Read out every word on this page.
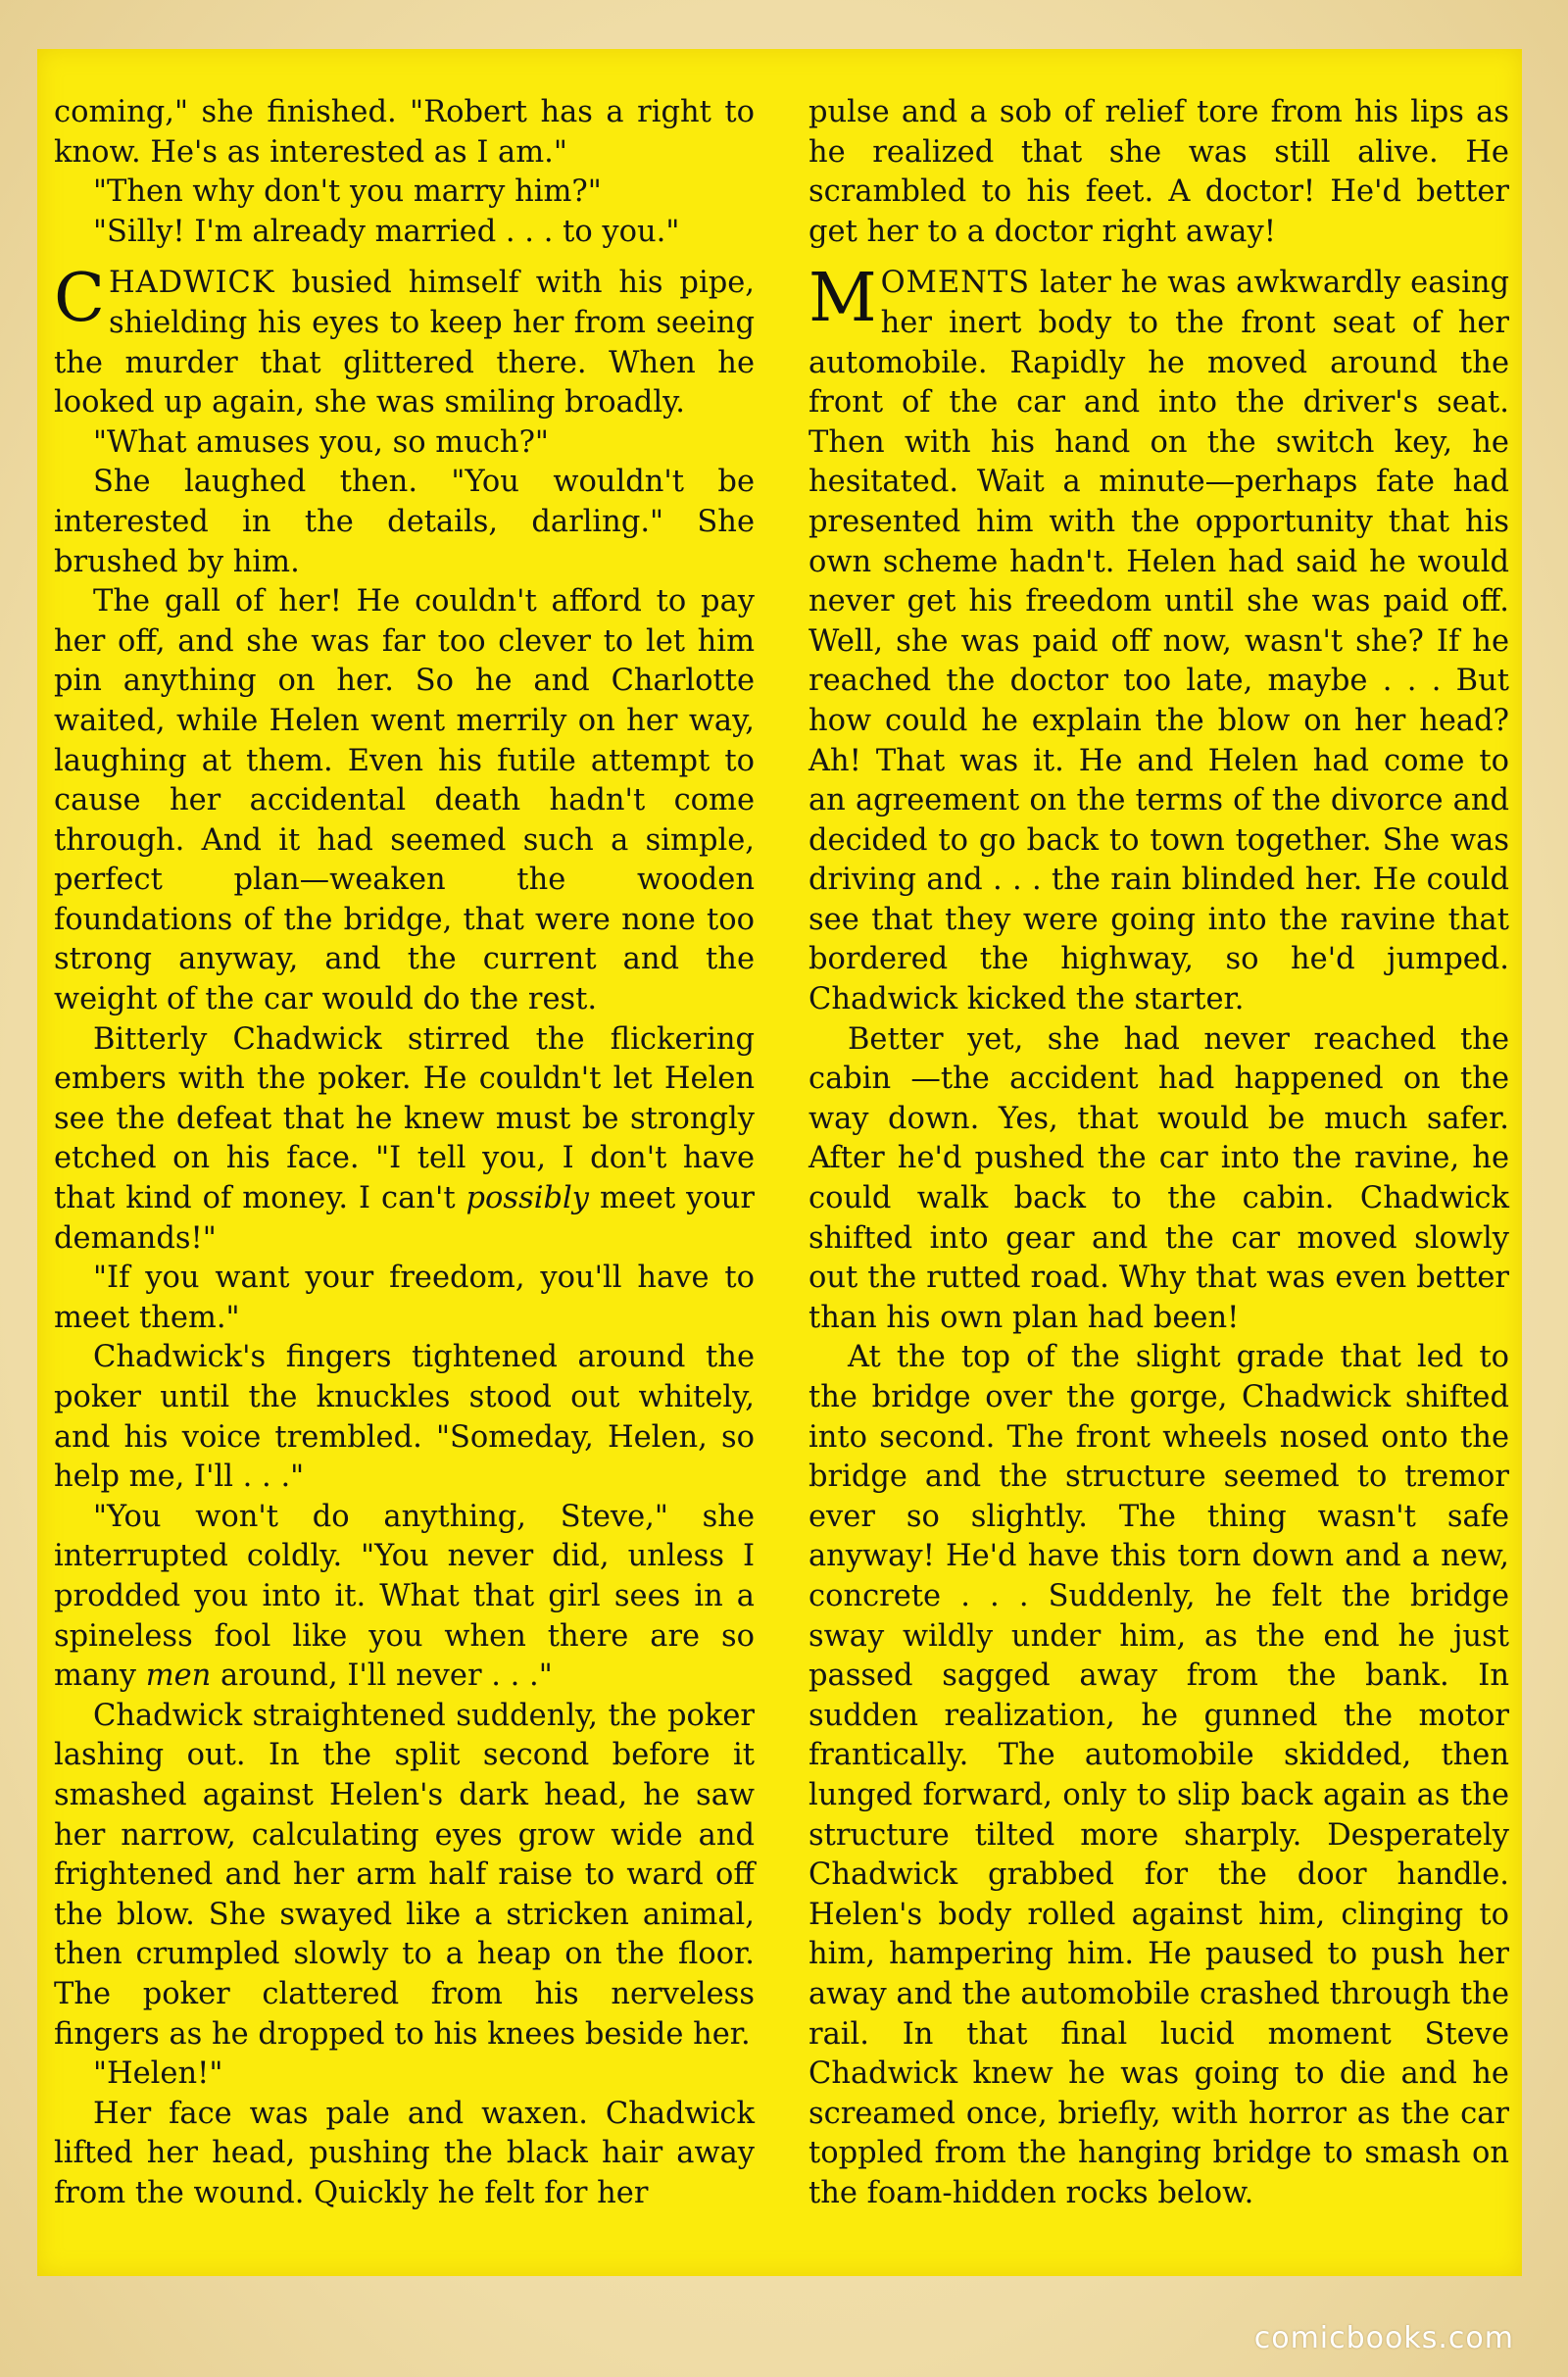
coming," she finished. "Robert has a right to know. He's as interested as I am."

"Then why don't you marry him?"

"Silly! I'm already married . . . to you."

CHADWICK busied himself with his pipe, shielding his eyes to keep her from seeing the murder that glittered there. When he looked up again, she was smiling broadly.

"What amuses you, so much?"

She laughed then. "You wouldn't be interested in the details, darling." She brushed by him.

The gall of her! He couldn't afford to pay her off, and she was far too clever to let him pin anything on her. So he and Charlotte waited, while Helen went merrily on her way, laughing at them. Even his futile attempt to cause her accidental death hadn't come through. And it had seemed such a simple, perfect plan—weaken the wooden foundations of the bridge, that were none too strong anyway, and the current and the weight of the car would do the rest.

Bitterly Chadwick stirred the flickering embers with the poker. He couldn't let Helen see the defeat that he knew must be strongly etched on his face. "I tell you, I don't have that kind of money. I can't possibly meet your demands!"

"If you want your freedom, you'll have to meet them."

Chadwick's fingers tightened around the poker until the knuckles stood out whitely, and his voice trembled. "Someday, Helen, so help me, I'll . . ."

"You won't do anything, Steve," she interrupted coldly. "You never did, unless I prodded you into it. What that girl sees in a spineless fool like you when there are so many men around, I'll never . . ."

Chadwick straightened suddenly, the poker lashing out. In the split second before it smashed against Helen's dark head, he saw her narrow, calculating eyes grow wide and frightened and her arm half raise to ward off the blow. She swayed like a stricken animal, then crumpled slowly to a heap on the floor. The poker clattered from his nerveless fingers as he dropped to his knees beside her.

"Helen!"

Her face was pale and waxen. Chadwick lifted her head, pushing the black hair away from the wound. Quickly he felt for her

pulse and a sob of relief tore from his lips as he realized that she was still alive. He scrambled to his feet. A doctor! He'd better get her to a doctor right away!

MOMENTS later he was awkwardly easing her inert body to the front seat of her automobile. Rapidly he moved around the front of the car and into the driver's seat. Then with his hand on the switch key, he hesitated. Wait a minute—perhaps fate had presented him with the opportunity that his own scheme hadn't. Helen had said he would never get his freedom until she was paid off. Well, she was paid off now, wasn't she? If he reached the doctor too late, maybe . . . But how could he explain the blow on her head? Ah! That was it. He and Helen had come to an agreement on the terms of the divorce and decided to go back to town together. She was driving and . . . the rain blinded her. He could see that they were going into the ravine that bordered the highway, so he'd jumped. Chadwick kicked the starter.

Better yet, she had never reached the cabin —the accident had happened on the way down. Yes, that would be much safer. After he'd pushed the car into the ravine, he could walk back to the cabin. Chadwick shifted into gear and the car moved slowly out the rutted road. Why that was even better than his own plan had been!

At the top of the slight grade that led to the bridge over the gorge, Chadwick shifted into second. The front wheels nosed onto the bridge and the structure seemed to tremor ever so slightly. The thing wasn't safe anyway! He'd have this torn down and a new, concrete . . . Suddenly, he felt the bridge sway wildly under him, as the end he just passed sagged away from the bank. In sudden realization, he gunned the motor frantically. The automobile skidded, then lunged forward, only to slip back again as the structure tilted more sharply. Desperately Chadwick grabbed for the door handle. Helen's body rolled against him, clinging to him, hampering him. He paused to push her away and the automobile crashed through the rail. In that final lucid moment Steve Chadwick knew he was going to die and he screamed once, briefly, with horror as the car toppled from the hanging bridge to smash on the foam-hidden rocks below.

comicbooks.com
